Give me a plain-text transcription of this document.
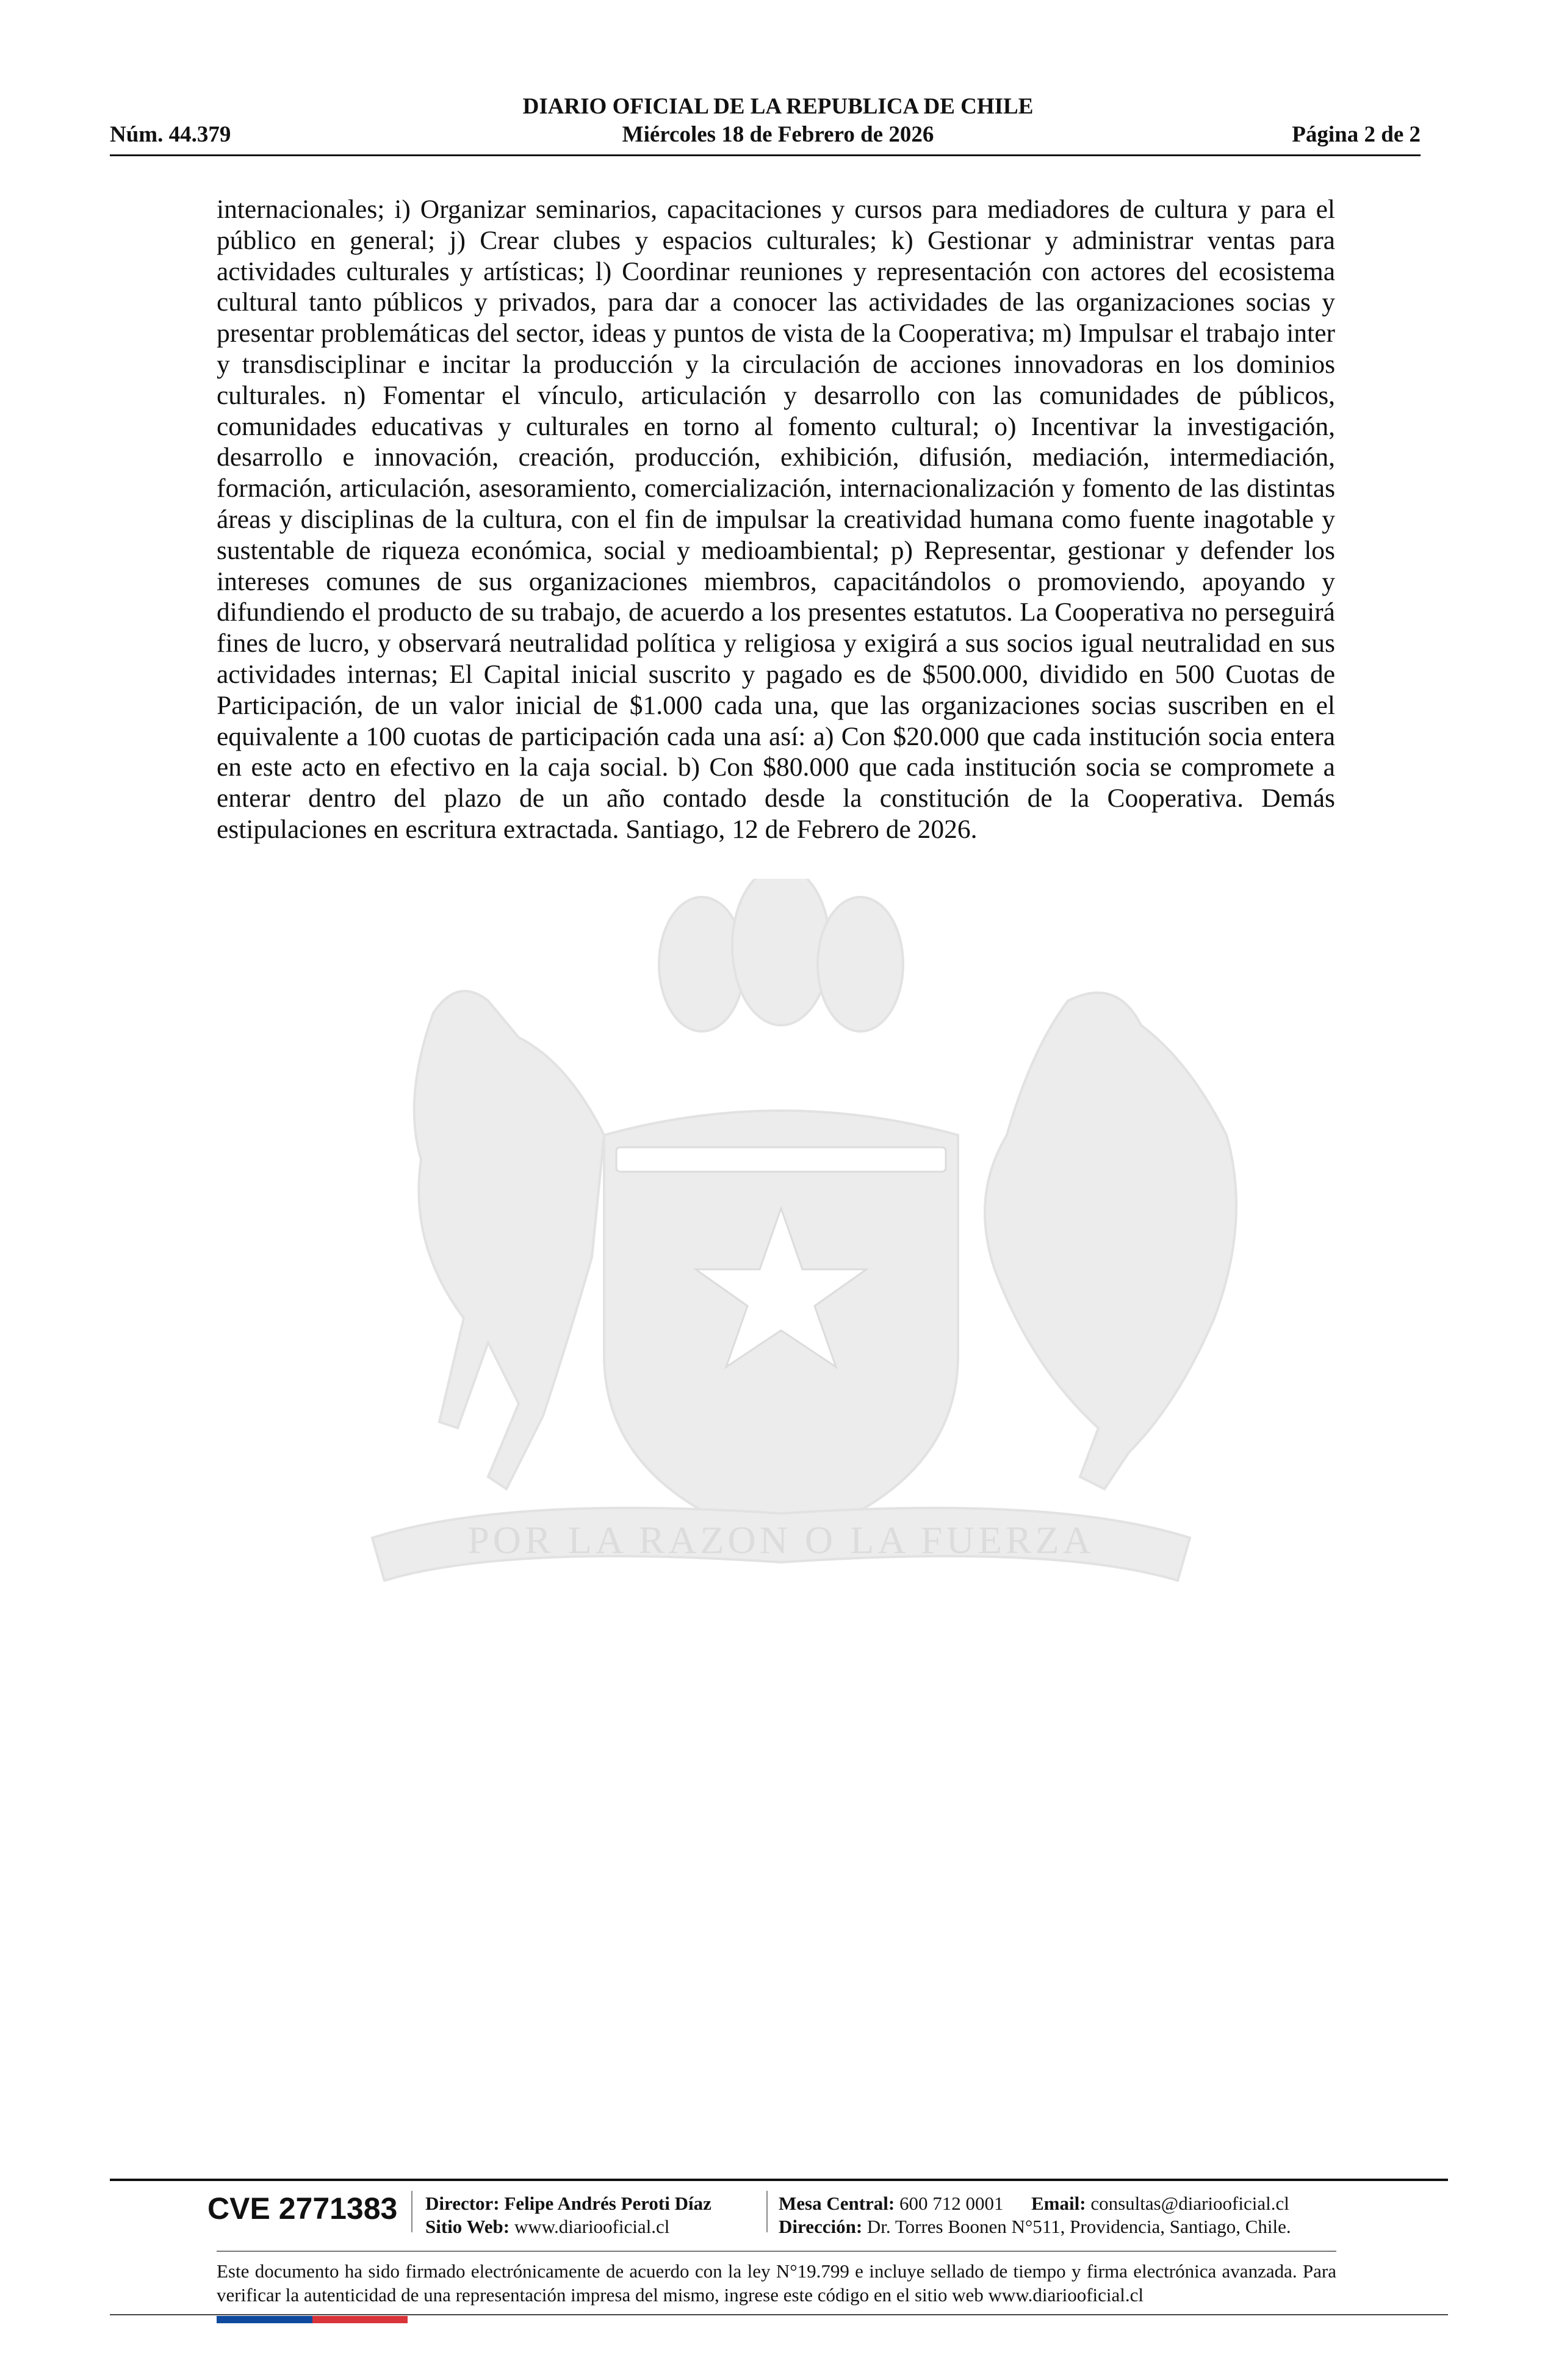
DIARIO OFICIAL DE LA REPUBLICA DE CHILE
Miércoles 18 de Febrero de 2026
Núm. 44.379	Página 2 de 2
POR LA RAZON O LA FUERZA
internacionales; i) Organizar seminarios, capacitaciones y cursos para mediadores de cultura y para el público en general; j) Crear clubes y espacios culturales; k) Gestionar y administrar ventas para actividades culturales y artísticas; l) Coordinar reuniones y representación con actores del ecosistema cultural tanto públicos y privados, para dar a conocer las actividades de las organizaciones socias y presentar problemáticas del sector, ideas y puntos de vista de la Cooperativa; m) Impulsar el trabajo inter y transdisciplinar e incitar la producción y la circulación de acciones innovadoras en los dominios culturales. n) Fomentar el vínculo, articulación y desarrollo con las comunidades de públicos, comunidades educativas y culturales en torno al fomento cultural; o) Incentivar la investigación, desarrollo e innovación, creación, producción, exhibición, difusión, mediación, intermediación, formación, articulación, asesoramiento, comercialización, internacionalización y fomento de las distintas áreas y disciplinas de la cultura, con el fin de impulsar la creatividad humana como fuente inagotable y sustentable de riqueza económica, social y medioambiental; p) Representar, gestionar y defender los intereses comunes de sus organizaciones miembros, capacitándolos o promoviendo, apoyando y difundiendo el producto de su trabajo, de acuerdo a los presentes estatutos. La Cooperativa no perseguirá fines de lucro, y observará neutralidad política y religiosa y exigirá a sus socios igual neutralidad en sus actividades internas; El Capital inicial suscrito y pagado es de $500.000, dividido en 500 Cuotas de Participación, de un valor inicial de $1.000 cada una, que las organizaciones socias suscriben en el equivalente a 100 cuotas de participación cada una así: a) Con $20.000 que cada institución socia entera en este acto en efectivo en la caja social. b) Con $80.000 que cada institución socia se compromete a enterar dentro del plazo de un año contado desde la constitución de la Cooperativa. Demás estipulaciones en escritura extractada. Santiago, 12 de Febrero de 2026.
CVE 2771383 Director: Felipe Andrés Peroti Díaz
Sitio Web: www.diariooficial.cl
Mesa Central: 600 712 0001 Email: consultas@diariooficial.cl
Dirección: Dr. Torres Boonen N°511, Providencia, Santiago, Chile.
Este documento ha sido firmado electrónicamente de acuerdo con la ley N°19.799 e incluye sellado de tiempo y firma electrónica avanzada. Para verificar la autenticidad de una representación impresa del mismo, ingrese este código en el sitio web www.diariooficial.cl
